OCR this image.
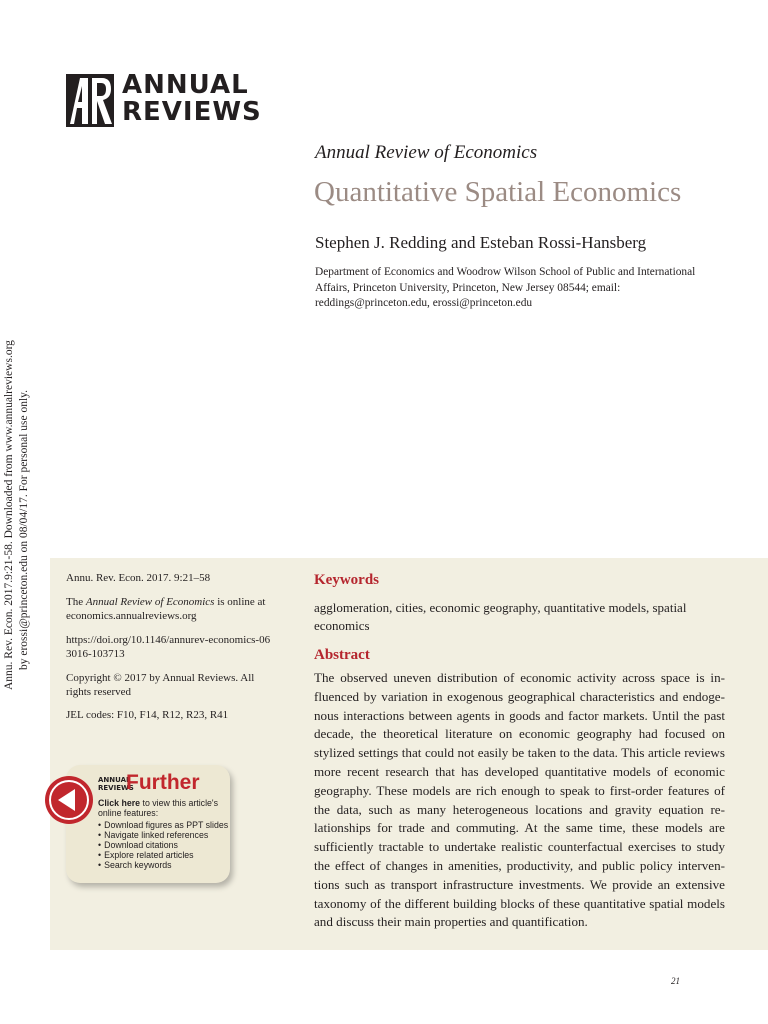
ANNUAL
REVIEWS
Annu. Rev. Econ. 2017.9:21-58. Downloaded from www.annualreviews.org by erossi@princeton.edu on 08/04/17. For personal use only.
Annual Review of Economics
Quantitative Spatial Economics
Stephen J. Redding and Esteban Rossi-Hansberg
Department of Economics and Woodrow Wilson School of Public and International Affairs, Princeton University, Princeton, New Jersey 08544; email: reddings@princeton.edu, erossi@princeton.edu

Annu. Rev. Econ. 2017. 9:21–58

The Annual Review of Economics is online at economics.annualreviews.org

https://doi.org/10.1146/annurev-economics-063016-103713

Copyright © 2017 by Annual Reviews. All rights reserved

JEL codes: F10, F14, R12, R23, R41

ANNUAL
REVIEWS
Further
Click here to view this article's online features:
• Download figures as PPT slides
• Navigate linked references
• Download citations
• Explore related articles
• Search keywords
Keywords
agglomeration, cities, economic geography, quantitative models, spatial economics
Abstract
The observed uneven distribution of economic activity across space is influenced by variation in exogenous geographical characteristics and endogenous interactions between agents in goods and factor markets. Until the past decade, the theoretical literature on economic geography had focused on stylized settings that could not easily be taken to the data. This article reviews more recent research that has developed quantitative models of economic geography. These models are rich enough to speak to first-order features of the data, such as many heterogeneous locations and gravity equation relationships for trade and commuting. At the same time, these models are sufficiently tractable to undertake realistic counterfactual exercises to study the effect of changes in amenities, productivity, and public policy interventions such as transport infrastructure investments. We provide an extensive taxonomy of the different building blocks of these quantitative spatial models and discuss their main properties and quantification.
21
